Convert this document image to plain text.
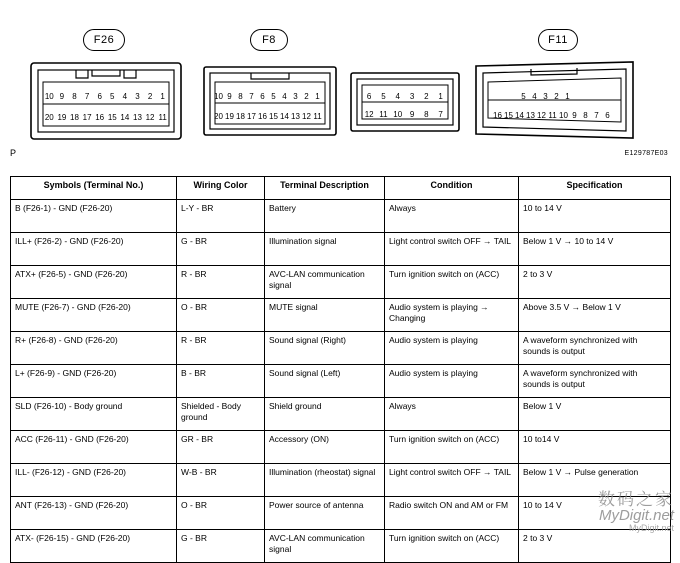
F26
10 9	8	7	6	5	4	3	2	1
20 19 18 17 16 15 14 13 12 11
F8
10 9 8 7 6 5 4 3 2 1
20 19 18 17 16 15 14 13 12 11
6	5	4	3	2	1
12 11 10 9	8	7
F11
5 4 3 2 1
16 15 14 13 12 11 10 9 8 7 6
P	E129787E03
Symbols (Terminal No.)	Wiring Color	Terminal Description	Condition	Specification
B (F26-1) - GND (F26-20)	L-Y - BR	Battery	Always	10 to 14 V
ILL+ (F26-2) - GND (F26-20)	G - BR	Illumination signal	Light control switch OFF → TAIL	Below 1 V → 10 to 14 V
ATX+ (F26-5) - GND (F26-20)	R - BR	AVC-LAN communication signal	Turn ignition switch on (ACC)	2 to 3 V
MUTE (F26-7) - GND (F26-20)	O - BR	MUTE signal	Audio system is playing → Changing	Above 3.5 V → Below 1 V
R+ (F26-8) - GND (F26-20)	R - BR	Sound signal (Right)	Audio system is playing	A waveform synchronized with sounds is output
L+ (F26-9) - GND (F26-20)	B - BR	Sound signal (Left)	Audio system is playing	A waveform synchronized with sounds is output
SLD (F26-10) - Body ground	Shielded - Body ground	Shield ground	Always	Below 1 V
ACC (F26-11) - GND (F26-20)	GR - BR	Accessory (ON)	Turn ignition switch on (ACC)	10 to14 V
ILL- (F26-12) - GND (F26-20)	W-B - BR	Illumination (rheostat) signal	Light control switch OFF → TAIL	Below 1 V → Pulse generation
ANT (F26-13) - GND (F26-20)	O - BR	Power source of antenna	Radio switch ON and AM or FM	10 to 14 V
ATX- (F26-15) - GND (F26-20)	G - BR	AVC-LAN communication signal	Turn ignition switch on (ACC)	2 to 3 V
数码之家
MyDigit.net
MyDigit.net
